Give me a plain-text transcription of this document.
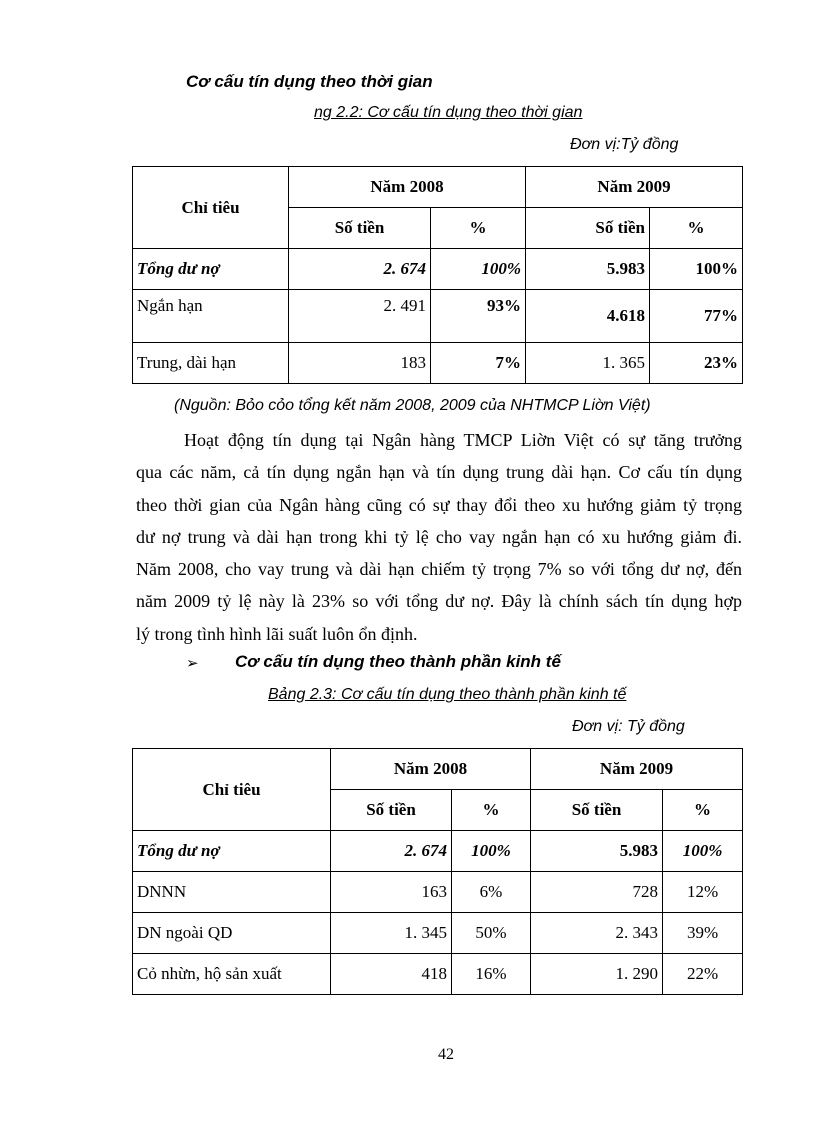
Cơ cấu tín dụng theo thời gian
ng 2.2: Cơ cấu tín dụng theo thời gian
Đơn vị:Tỷ đồng
Chỉ tiêu	Năm 2008		Năm 2009	
	Số tiền	%	Số tiền	%
Tổng dư nợ	2. 674	100%	5.983	100%
Ngắn hạn	2. 491	93%	4.618	77%
Trung, dài hạn	183	7%	1. 365	23%
(Nguồn: Bỏo cỏo tổng kết năm 2008, 2009 của NHTMCP Liờn Việt)
Hoạt động tín dụng tại Ngân hàng TMCP Liờn Việt có sự tăng trưởng
qua các năm, cả tín dụng ngắn hạn và tín dụng trung dài hạn. Cơ cấu tín dụng
theo thời gian của Ngân hàng cũng có sự thay đổi theo xu hướng giảm tỷ trọng
dư nợ trung và dài hạn trong khi tỷ lệ cho vay ngắn hạn có xu hướng giảm đi.
Năm 2008, cho vay trung và dài hạn chiếm tỷ trọng 7% so với tổng dư nợ, đến
năm 2009 tỷ lệ này là 23% so với tổng dư nợ. Đây là chính sách tín dụng hợp
lý trong tình hình lãi suất luôn ổn định.
➢ Cơ cấu tín dụng theo thành phần kinh tế
Bảng 2.3: Cơ cấu tín dụng theo thành phần kinh tế
Đơn vị: Tỷ đồng
Chỉ tiêu	Năm 2008		Năm 2009	
	Số tiền	%	Số tiền	%
Tổng dư nợ	2. 674	100%	5.983	100%
DNNN	163	6%	728	12%
DN ngoài QD	1. 345	50%	2. 343	39%
Cỏ nhừn, hộ sản xuất	418	16%	1. 290	22%
42
